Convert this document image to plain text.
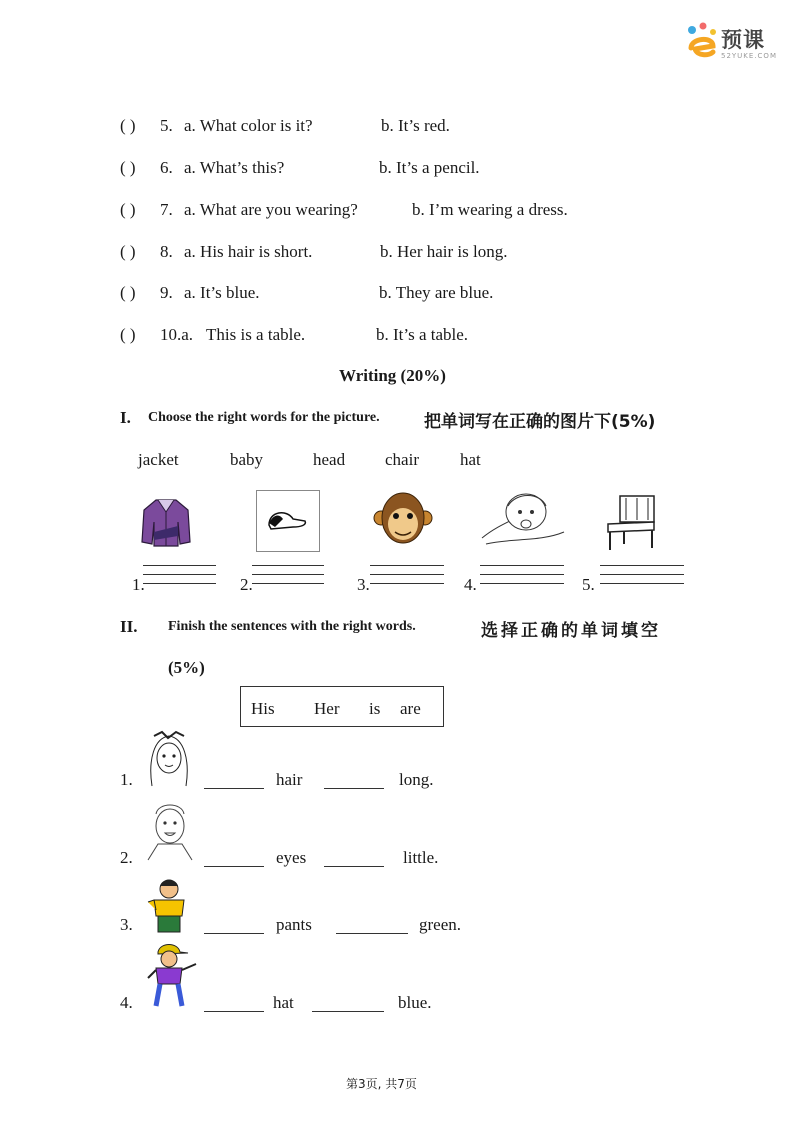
预课
52YUKE.COM
( ) 5. a. What color is it?	b. It’s red.
( ) 6. a. What’s this?	b. It’s a pencil.
( ) 7. a. What are you wearing?	b. I’m wearing a dress.
( ) 8. a. His hair is short.	b. Her hair is long.
( ) 9. a. It’s blue.	b. They are blue.
( ) 10.a. This is a table.	b. It’s a table.
Writing (20%)
I. Choose the right words for the picture.	把单词写在正确的图片下(5%)
jacket	baby	head chair hat
1.	2.	3.	4.	5.
II. Finish the sentences with the right words.	选择正确的单词填空
(5%)
His Her is are
1.	hair	long.
2.	eyes	little.
3.	pants	green.
4.	hat	blue.
第3页, 共7页
